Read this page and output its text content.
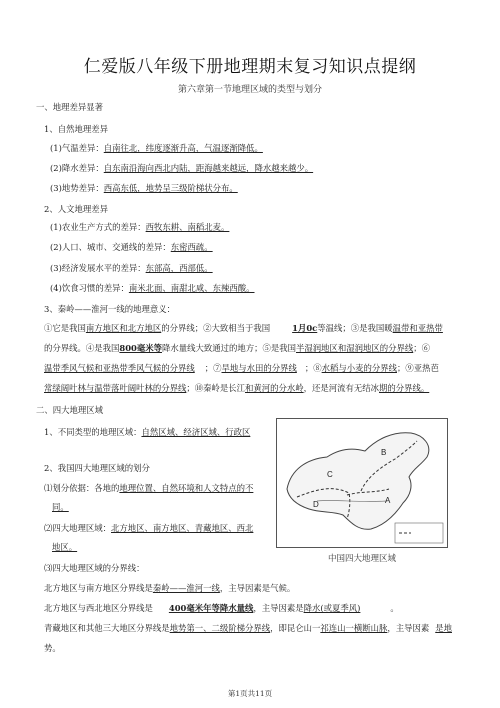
仁爱版八年级下册地理期末复习知识点提纲
第六章第一节地理区域的类型与划分
一、地理差异显著
1、自然地理差异
(1)气温差异：自南往北，纬度逐渐升高，气温逐渐降低。
(2)降水差异：自东南沿海向西北内陆，距海越来越远，降水越来越少。
(3)地势差异：西高东低，地势呈三级阶梯状分布。
2、人文地理差异
(1)农业生产方式的差异：西牧东耕、南稻北麦。
(2)人口、城市、交通线的差异：东密西疏。
(3)经济发展水平的差异：东部高，西部低。
(4)饮食习惯的差异：南米北面、南甜北咸、东辣西酸。
3、秦岭——淮河一线的地理意义：
①它是我国南方地区和北方地区的分界线；②大致相当于我国	1月0c等温线；③是我国暖温带和亚热带
的分界线。④是我国800毫米等降水量线大致通过的地方；⑤是我国半湿润地区和湿润地区的分界线；⑥
温带季风气候和亚热带季风气候的分界线 ；⑦旱地与水田的分界线 ；⑧水稻与小麦的分界线；⑨亚热芭
常绿阔叶林与温带落叶阔叶林的分界线；⑩秦岭是长江和黄河的分水岭，还是河流有无结冰期的分界线。
二、四大地理区域
1、不同类型的地理区域：自然区域、经济区域、行政区
2、我国四大地理区域的划分
⑴划分依据：各地的地理位置、自然环境和人文特点的不
同。
⑵四大地理区域：北方地区、南方地区、青藏地区、西北
地区。
⑶四大地理区域的分界线：
北方地区与南方地区分界线是秦岭——淮河一线，主导因素是气候。
北方地区与西北地区分界线是 400毫米年等降水量线，主导因素是降水(或夏季风)	。
青藏地区和其他三大地区分界线是地势第一、二级阶梯分界线，即昆仑山一祁连山一横断山脉，主导因素 是地
势。
C
B
A
D
中国四大地理区域
第1页共11页
